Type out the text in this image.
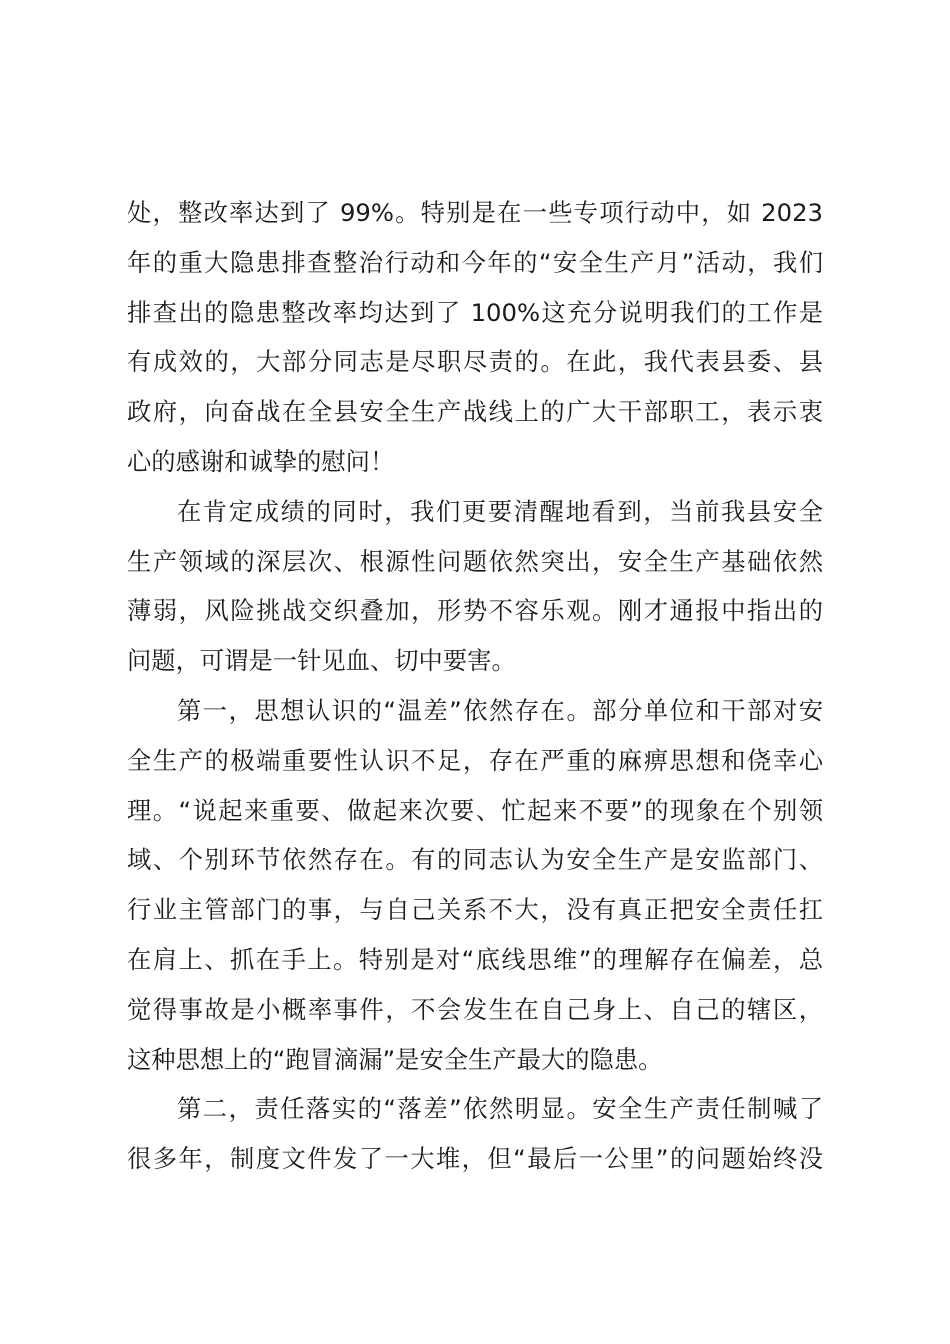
处，整改率达到了 99%。特别是在一些专项行动中，如 2023
年的重大隐患排查整治行动和今年的“安全生产月”活动，我们
排查出的隐患整改率均达到了 100%这充分说明我们的工作是
有成效的，大部分同志是尽职尽责的。在此，我代表县委、县
政府，向奋战在全县安全生产战线上的广大干部职工，表示衷
心的感谢和诚挚的慰问！
在肯定成绩的同时，我们更要清醒地看到，当前我县安全
生产领域的深层次、根源性问题依然突出，安全生产基础依然
薄弱，风险挑战交织叠加，形势不容乐观。刚才通报中指出的
问题，可谓是一针见血、切中要害。
第一，思想认识的“温差”依然存在。部分单位和干部对安
全生产的极端重要性认识不足，存在严重的麻痹思想和侥幸心
理。“说起来重要、做起来次要、忙起来不要”的现象在个别领
域、个别环节依然存在。有的同志认为安全生产是安监部门、
行业主管部门的事，与自己关系不大，没有真正把安全责任扛
在肩上、抓在手上。特别是对“底线思维”的理解存在偏差，总
觉得事故是小概率事件，不会发生在自己身上、自己的辖区，
这种思想上的“跑冒滴漏”是安全生产最大的隐患。
第二，责任落实的“落差”依然明显。安全生产责任制喊了
很多年，制度文件发了一大堆，但“最后一公里”的问题始终没
